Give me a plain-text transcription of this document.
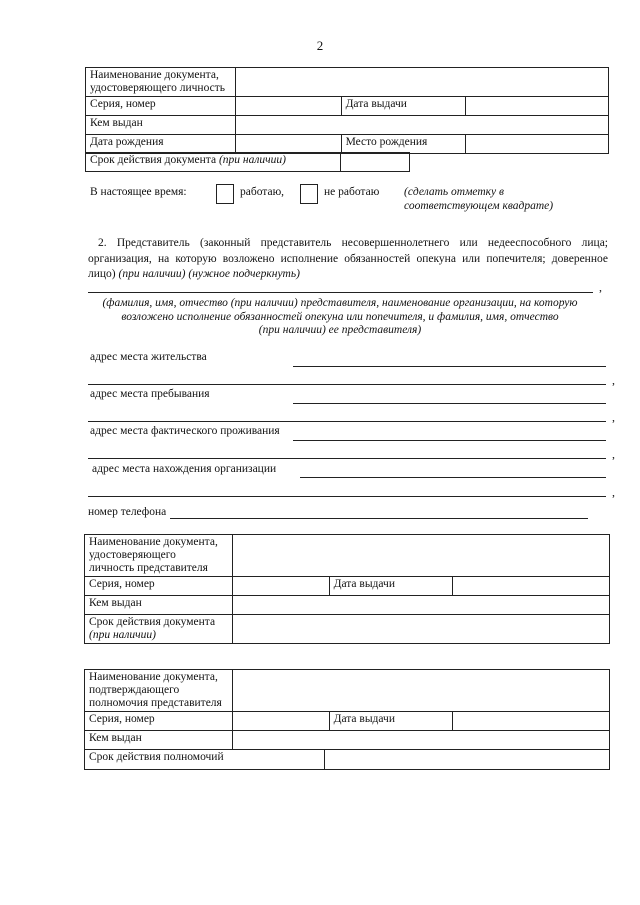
2
Наименование документа, удостоверяющего личность			
Серия, номер		Дата выдачи	
Кем выдан			
Дата рождения		Место рождения	
Срок действия документа (при наличии)	
В настоящее время:	работаю,	не работаю (сделать отметку в
соответствующем квадрате)
2. Представитель (законный представитель несовершеннолетнего или недееспособного лица; организация, на которую возложено исполнение обязанностей опекуна или попечителя; доверенное лицо) (при наличии) (нужное подчеркнуть)
,
(фамилия, имя, отчество (при наличии) представителя, наименование организации, на которую
возложено исполнение обязанностей опекуна или попечителя, и фамилия, имя, отчество
(при наличии) ее представителя)
адрес места жительства
,
адрес места пребывания
,
адрес места фактического проживания
,
адрес места нахождения организации
,
номер телефона
Наименование документа,
удостоверяющего
личность представителя			

Серия, номер		Дата выдачи	
Кем выдан			

Срок действия документа
(при наличии)			

Наименование документа,
подтверждающего
полномочия представителя			

Серия, номер		Дата выдачи	
Кем выдан			
Срок действия полномочий	
